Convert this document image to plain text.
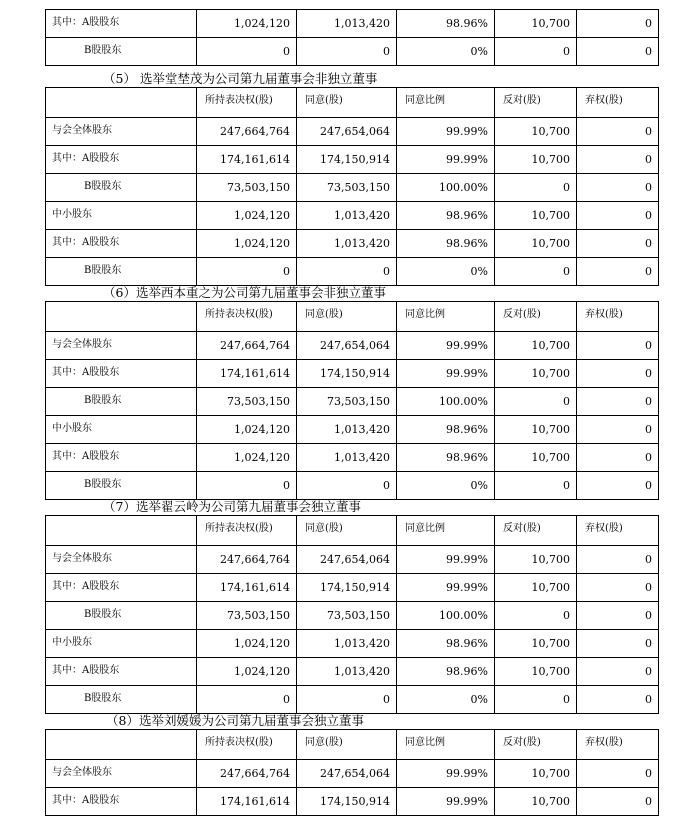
其中：A股股东	1,024,120	1,013,420	98.96%	10,700	0
B股股东	0	0	0%	0	0
（5） 选举堂埜茂为公司第九届董事会非独立董事
	所持表决权(股)	同意(股)	同意比例	反对(股)	弃权(股)
与会全体股东	247,664,764	247,654,064	99.99%	10,700	0
其中：A股股东	174,161,614	174,150,914	99.99%	10,700	0
B股股东	73,503,150	73,503,150	100.00%	0	0
中小股东	1,024,120	1,013,420	98.96%	10,700	0
其中：A股股东	1,024,120	1,013,420	98.96%	10,700	0
B股股东	0	0	0%	0	0
（6）选举西本重之为公司第九届董事会非独立董事
	所持表决权(股)	同意(股)	同意比例	反对(股)	弃权(股)
与会全体股东	247,664,764	247,654,064	99.99%	10,700	0
其中：A股股东	174,161,614	174,150,914	99.99%	10,700	0
B股股东	73,503,150	73,503,150	100.00%	0	0
中小股东	1,024,120	1,013,420	98.96%	10,700	0
其中：A股股东	1,024,120	1,013,420	98.96%	10,700	0
B股股东	0	0	0%	0	0
（7）选举翟云岭为公司第九届董事会独立董事
	所持表决权(股)	同意(股)	同意比例	反对(股)	弃权(股)
与会全体股东	247,664,764	247,654,064	99.99%	10,700	0
其中：A股股东	174,161,614	174,150,914	99.99%	10,700	0
B股股东	73,503,150	73,503,150	100.00%	0	0
中小股东	1,024,120	1,013,420	98.96%	10,700	0
其中：A股股东	1,024,120	1,013,420	98.96%	10,700	0
B股股东	0	0	0%	0	0
（8）选举刘媛媛为公司第九届董事会独立董事
	所持表决权(股)	同意(股)	同意比例	反对(股)	弃权(股)
与会全体股东	247,664,764	247,654,064	99.99%	10,700	0
其中：A股股东	174,161,614	174,150,914	99.99%	10,700	0
